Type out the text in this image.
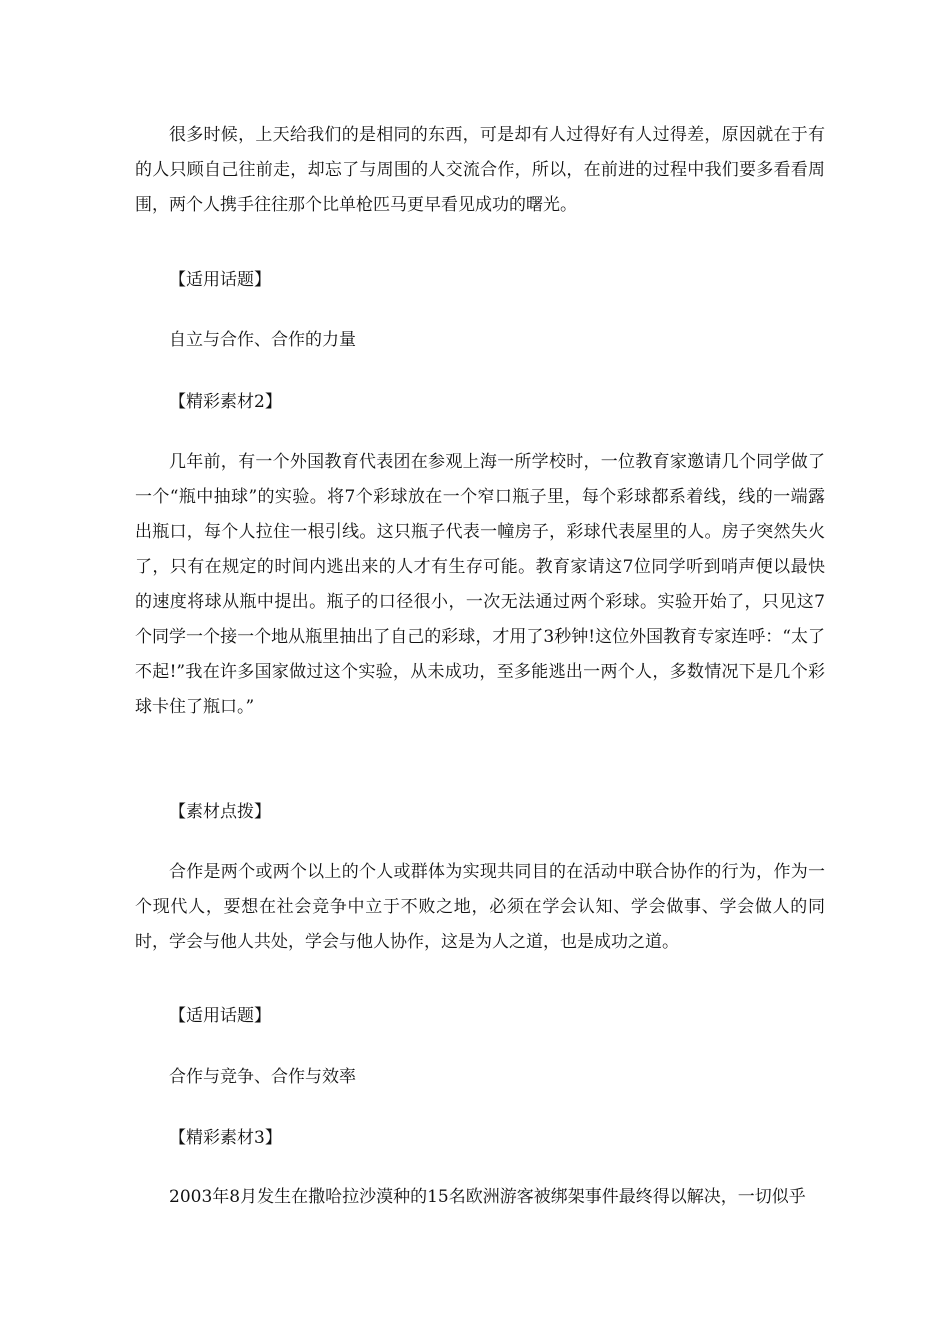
很多时候，上天给我们的是相同的东西，可是却有人过得好有人过得差，原因就在于有的人只顾自己往前走，却忘了与周围的人交流合作，所以，在前进的过程中我们要多看看周围，两个人携手往往那个比单枪匹马更早看见成功的曙光。

【适用话题】
自立与合作、合作的力量
【精彩素材2】

几年前，有一个外国教育代表团在参观上海一所学校时，一位教育家邀请几个同学做了一个“瓶中抽球”的实验。将7个彩球放在一个窄口瓶子里，每个彩球都系着线，线的一端露出瓶口，每个人拉住一根引线。这只瓶子代表一幢房子，彩球代表屋里的人。房子突然失火了，只有在规定的时间内逃出来的人才有生存可能。教育家请这7位同学听到哨声便以最快的速度将球从瓶中提出。瓶子的口径很小，一次无法通过两个彩球。实验开始了，只见这7个同学一个接一个地从瓶里抽出了自己的彩球，才用了3秒钟!这位外国教育专家连呼：“太了不起!”我在许多国家做过这个实验，从未成功，至多能逃出一两个人，多数情况下是几个彩球卡住了瓶口。”

【素材点拨】

合作是两个或两个以上的个人或群体为实现共同目的在活动中联合协作的行为，作为一个现代人，要想在社会竞争中立于不败之地，必须在学会认知、学会做事、学会做人的同时，学会与他人共处，学会与他人协作，这是为人之道，也是成功之道。

【适用话题】
合作与竞争、合作与效率
【精彩素材3】

2003年8月发生在撒哈拉沙漠种的15名欧洲游客被绑架事件最终得以解决，一切似乎
